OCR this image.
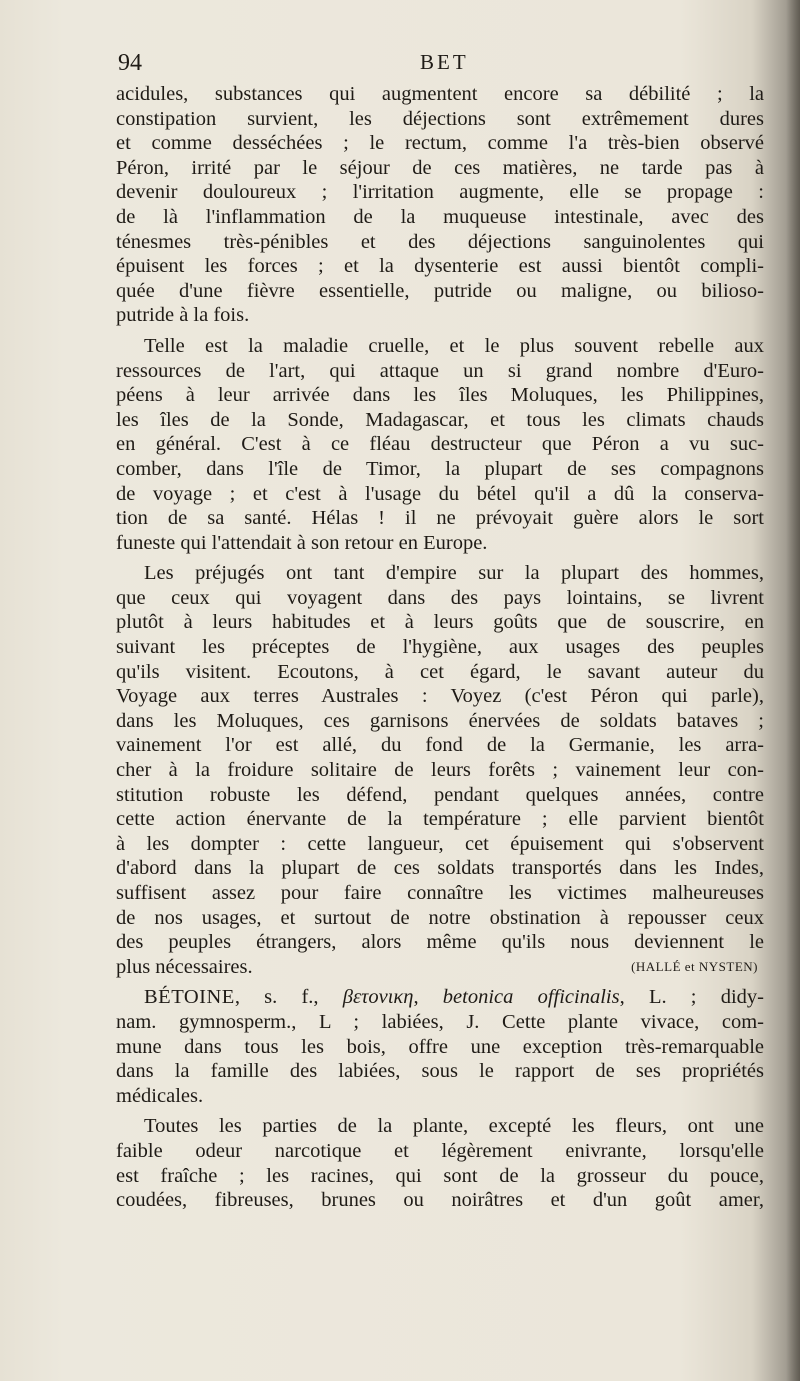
94	BET
acidules, substances qui augmentent encore sa débilité ; la
constipation survient, les déjections sont extrêmement dures
et comme desséchées ; le rectum, comme l'a très-bien observé
Péron, irrité par le séjour de ces matières, ne tarde pas à
devenir douloureux ; l'irritation augmente, elle se propage :
de là l'inflammation de la muqueuse intestinale, avec des
ténesmes très-pénibles et des déjections sanguinolentes qui
épuisent les forces ; et la dysenterie est aussi bientôt compli-
quée d'une fièvre essentielle, putride ou maligne, ou bilioso-
putride à la fois.
Telle est la maladie cruelle, et le plus souvent rebelle aux
ressources de l'art, qui attaque un si grand nombre d'Euro-
péens à leur arrivée dans les îles Moluques, les Philippines,
les îles de la Sonde, Madagascar, et tous les climats chauds
en général. C'est à ce fléau destructeur que Péron a vu suc-
comber, dans l'île de Timor, la plupart de ses compagnons
de voyage ; et c'est à l'usage du bétel qu'il a dû la conserva-
tion de sa santé. Hélas ! il ne prévoyait guère alors le sort
funeste qui l'attendait à son retour en Europe.
Les préjugés ont tant d'empire sur la plupart des hommes,
que ceux qui voyagent dans des pays lointains, se livrent
plutôt à leurs habitudes et à leurs goûts que de souscrire, en
suivant les préceptes de l'hygiène, aux usages des peuples
qu'ils visitent. Ecoutons, à cet égard, le savant auteur du
Voyage aux terres Australes : Voyez (c'est Péron qui parle),
dans les Moluques, ces garnisons énervées de soldats bataves ;
vainement l'or est allé, du fond de la Germanie, les arra-
cher à la froidure solitaire de leurs forêts ; vainement leur con-
stitution robuste les défend, pendant quelques années, contre
cette action énervante de la température ; elle parvient bientôt
à les dompter : cette langueur, cet épuisement qui s'observent
d'abord dans la plupart de ces soldats transportés dans les Indes,
suffisent assez pour faire connaître les victimes malheureuses
de nos usages, et surtout de notre obstination à repousser ceux
des peuples étrangers, alors même qu'ils nous deviennent le
plus nécessaires.	(HALLÉ et NYSTEN)
BÉTOINE, s. f., βετονικη, betonica officinalis, L. ; didy-
nam. gymnosperm., L ; labiées, J. Cette plante vivace, com-
mune dans tous les bois, offre une exception très-remarquable
dans la famille des labiées, sous le rapport de ses propriétés
médicales.
Toutes les parties de la plante, excepté les fleurs, ont une
faible odeur narcotique et légèrement enivrante, lorsqu'elle
est fraîche ; les racines, qui sont de la grosseur du pouce,
coudées, fibreuses, brunes ou noirâtres et d'un goût amer,
